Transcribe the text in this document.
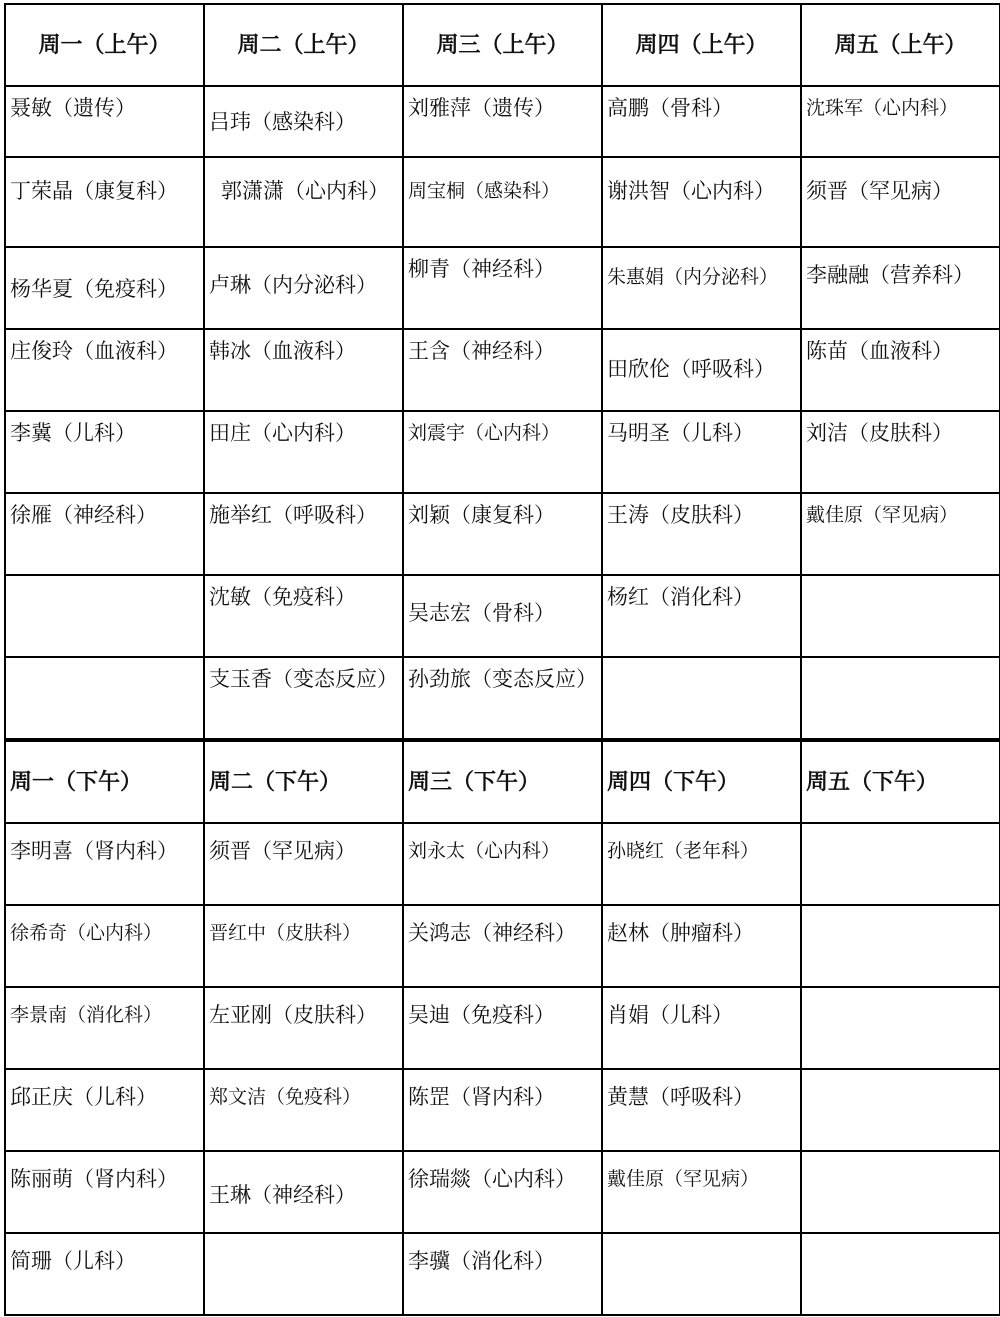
周一（上午）	周二（上午）	周三（上午）	周四（上午）	周五（上午）
聂敏（遗传）	吕玮（感染科）	刘雅萍（遗传）	高鹏（骨科）	沈珠军（心内科）
丁荣晶（康复科）	郭潇潇（心内科）	周宝桐（感染科）	谢洪智（心内科）	须晋（罕见病）
杨华夏（免疫科）	卢琳（内分泌科）	柳青（神经科）	朱惠娟（内分泌科）	李融融（营养科）
庄俊玲（血液科）	韩冰（血液科）	王含（神经科）	田欣伦（呼吸科）	陈苗（血液科）
李冀（儿科）	田庄（心内科）	刘震宇（心内科）	马明圣（儿科）	刘洁（皮肤科）
徐雁（神经科）	施举红（呼吸科）	刘颖（康复科）	王涛（皮肤科）	戴佳原（罕见病）
	沈敏（免疫科）	吴志宏（骨科）	杨红（消化科）	
	支玉香（变态反应）	孙劲旅（变态反应）		
周一（下午）	周二（下午）	周三（下午）	周四（下午）	周五（下午）
李明喜（肾内科）	须晋（罕见病）	刘永太（心内科）	孙晓红（老年科）	
徐希奇（心内科）	晋红中（皮肤科）	关鸿志（神经科）	赵林（肿瘤科）	
李景南（消化科）	左亚刚（皮肤科）	吴迪（免疫科）	肖娟（儿科）	
邱正庆（儿科）	郑文洁（免疫科）	陈罡（肾内科）	黄慧（呼吸科）	
陈丽萌（肾内科）	王琳（神经科）	徐瑞燚（心内科）	戴佳原（罕见病）	
简珊（儿科）		李骥（消化科）		
